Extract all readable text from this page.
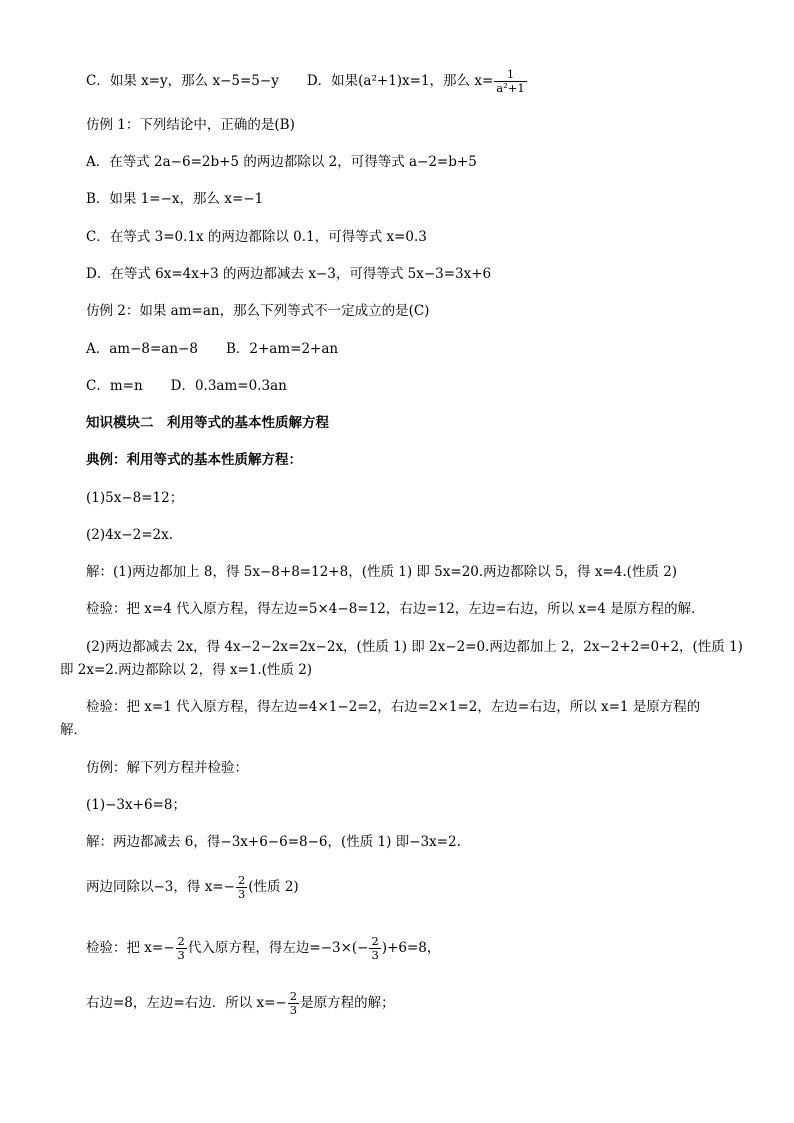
C．如果 x=y，那么 x−5=5−y D．如果(a²+1)x=1，那么 $x= \frac{1}{\text{a²+1}}$
仿例 1：下列结论中，正确的是(B)
A．在等式 2a−6=2b+5 的两边都除以 2，可得等式 a−2=b+5
B．如果 1=−x，那么 x=−1
C．在等式 3=0.1x 的两边都除以 0.1，可得等式 x=0.3
D．在等式 6x=4x+3 的两边都减去 x−3，可得等式 5x−3=3x+6
仿例 2：如果 am=an，那么下列等式不一定成立的是(C)
A．am−8=an−8 B．2+am=2+an
C．m=n D．0.3am=0.3an
知识模块二　利用等式的基本性质解方程
典例：利用等式的基本性质解方程：
(1)5x−8=12；
(2)4x−2=2x.
解：(1)两边都加上 8，得 5x−8+8=12+8，(性质 1) 即 5x=20.两边都除以 5，得 x=4.(性质 2)
检验：把 x=4 代入原方程，得左边=5×4−8=12，右边=12，左边=右边，所以 x=4 是原方程的解．
(2)两边都减去 2x，得 4x−2−2x=2x−2x，(性质 1) 即 2x−2=0.两边都加上 2，2x−2+2=0+2，(性质 1)
即 2x=2.两边都除以 2，得 x=1.(性质 2)
检验：把 x=1 代入原方程，得左边=4×1−2=2，右边=2×1=2，左边=右边，所以 x=1 是原方程的
解．
仿例：解下列方程并检验：
(1)−3x+6=8；
解：两边都减去 6，得−3x+6−6=8−6，(性质 1) 即−3x=2.
两边同除以−3，得 $x=- \frac{2}{3}$ (性质 2)
检验：把 $x=- \frac{2}{3}$ 代入原方程，得左边$=-3\times(- \frac{2}{3} )+6=8$，
右边=8，左边=右边．所以 $x=- \frac{2}{3}$ 是原方程的解；
